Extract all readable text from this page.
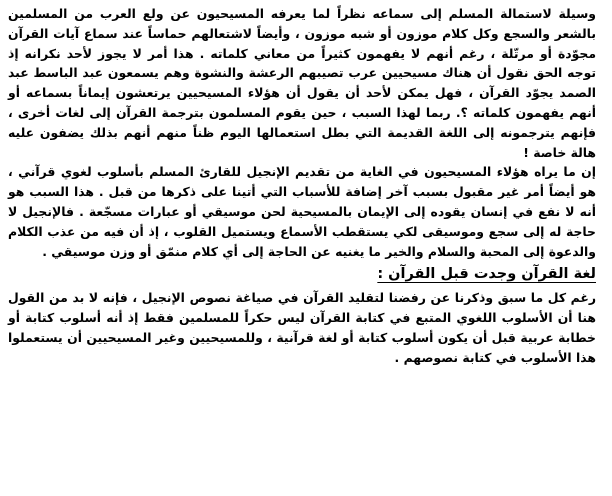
وسيلة لاستمالة المسلم إلى سماعه نظراً لما يعرفه المسيحيون عن ولع العرب من المسلمين بالشعر والسجع وكل كلام موزون أو شبه موزون ، وأيضاً لاشتعالهم حماساً عند سماع آيات القرآن مجوّدة أو مرتّلة ، رغم أنهم لا يفهمون كثيراً من معاني كلماته . هذا أمر لا يجوز لأحد نكرانه إذ توجه الحق نقول أن هناك مسيحيين عرب تصيبهم الرعشة والنشوة وهم يسمعون عبد الباسط عبد الصمد يجوّد القرآن ، فهل يمكن لأحد أن يقول أن هؤلاء المسيحيين يرتعشون إيماناً بسماعه أو أنهم يفهمون كلماته ؟. ربما لهذا السبب ، حين يقوم المسلمون بترجمة القرآن إلى لغات أخرى ، فإنهم يترجمونه إلى اللغة القديمة التي بطل استعمالها اليوم ظناً منهم أنهم بذلك يضفون عليه هالة خاصة !

إن ما يراه هؤلاء المسيحيون في الغاية من تقديم الإنجيل للقارئ المسلم بأسلوب لغوي قرآني ، هو أيضاً أمر غير مقبول بسبب آخر إضافة للأسباب التي أتينا على ذكرها من قبل . هذا السبب هو أنه لا نفع في إنسان يقوده إلى الإيمان بالمسيحية لحن موسيقي أو عبارات مسجّعة . فالإنجيل لا حاجة له إلى سجع وموسيقى لكي يستقطب الأسماع ويستميل القلوب ، إذ أن فيه من عذب الكلام والدعوة إلى المحبة والسلام والخير ما يغنيه عن الحاجة إلى أي كلام منمّق أو وزن موسيقي .

لغة القرآن وجدت قبل القرآن :

رغم كل ما سبق وذكرنا عن رفضنا لتقليد القرآن في صياغة نصوص الإنجيل ، فإنه لا بد من القول هنا أن الأسلوب اللغوي المتبع في كتابة القرآن ليس حكراً للمسلمين فقط إذ أنه أسلوب كتابة أو خطابة عربية قبل أن يكون أسلوب كتابة أو لغة قرآنية ، وللمسيحيين وغير المسيحيين أن يستعملوا هذا الأسلوب في كتابة نصوصهم .
